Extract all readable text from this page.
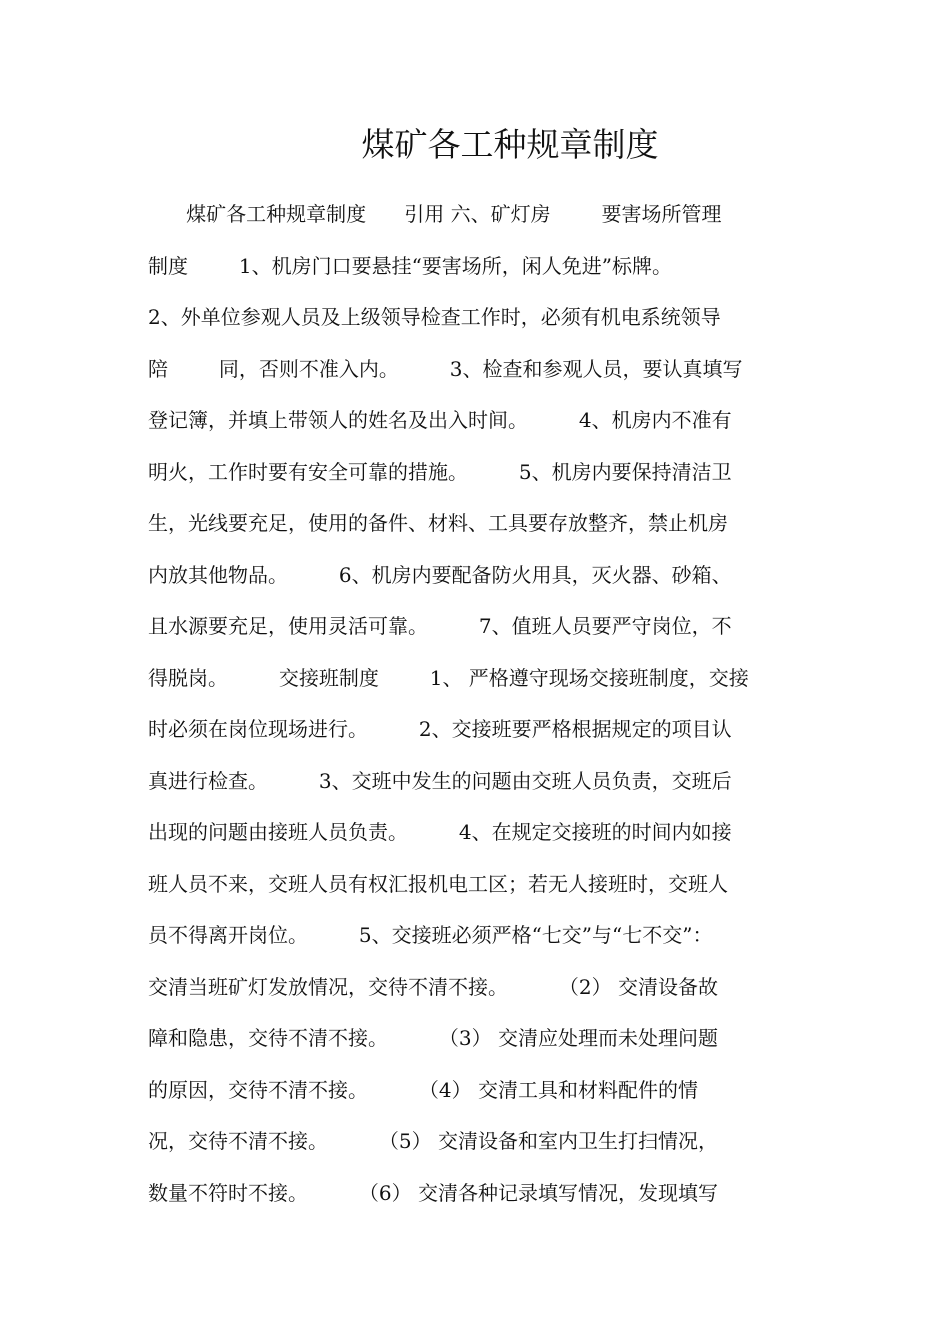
煤矿各工种规章制度
煤矿各工种规章制度      引用 六、矿灯房        要害场所管理
制度        1、机房门口要悬挂“要害场所，闲人免进”标牌。
2、外单位参观人员及上级领导检查工作时，必须有机电系统领导
陪        同，否则不准入内。        3、检查和参观人员，要认真填写
登记簿，并填上带领人的姓名及出入时间。        4、机房内不准有
明火，工作时要有安全可靠的措施。        5、机房内要保持清洁卫
生，光线要充足，使用的备件、材料、工具要存放整齐，禁止机房
内放其他物品。        6、机房内要配备防火用具，灭火器、砂箱、
且水源要充足，使用灵活可靠。        7、值班人员要严守岗位，不
得脱岗。        交接班制度        1、 严格遵守现场交接班制度，交接
时必须在岗位现场进行。        2、交接班要严格根据规定的项目认
真进行检查。        3、交班中发生的问题由交班人员负责，交班后
出现的问题由接班人员负责。        4、在规定交接班的时间内如接
班人员不来，交班人员有权汇报机电工区；若无人接班时，交班人
员不得离开岗位。        5、交接班必须严格“七交”与“七不交”：
交清当班矿灯发放情况，交待不清不接。        （2） 交清设备故
障和隐患，交待不清不接。        （3） 交清应处理而未处理问题
的原因，交待不清不接。        （4） 交清工具和材料配件的情
况，交待不清不接。        （5） 交清设备和室内卫生打扫情况，
数量不符时不接。        （6） 交清各种记录填写情况，发现填写
